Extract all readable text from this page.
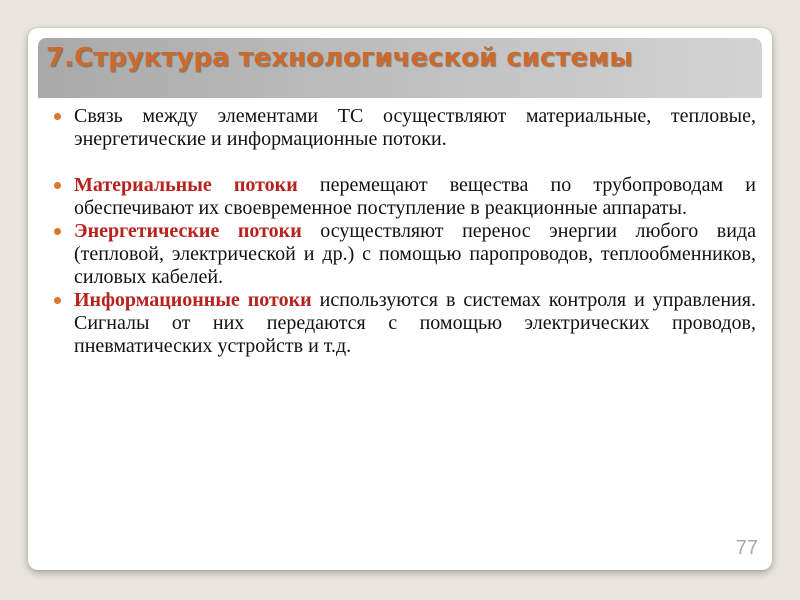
7.Структура технологической системы
Связь между элементами ТС осуществляют материальные, тепловые, энергетические и информационные потоки.
Материальные потоки перемещают вещества по трубопроводам и обеспечивают их своевременное поступление в реакционные аппараты.
Энергетические потоки осуществляют перенос энергии любого вида (тепловой, электрической и др.) с помощью паропроводов, теплообменников, силовых кабелей.
Информационные потоки используются в системах контроля и управления. Сигналы от них передаются с помощью электрических проводов, пневматических устройств и т.д.
77
